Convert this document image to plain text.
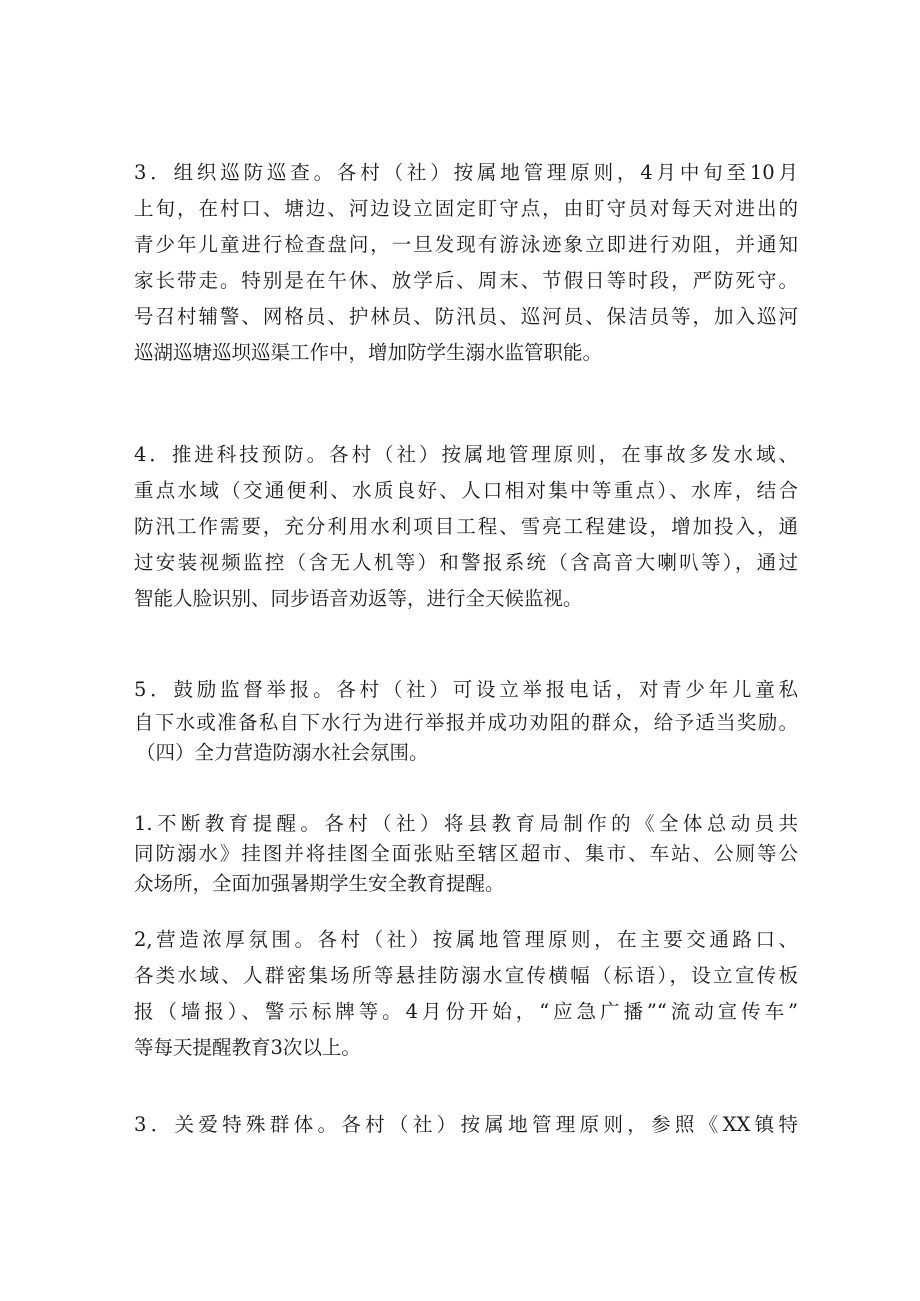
3．组织巡防巡查。各村（社）按属地管理原则，4月中旬至10月
上旬，在村口、塘边、河边设立固定盯守点，由盯守员对每天对进出的
青少年儿童进行检查盘问，一旦发现有游泳迹象立即进行劝阻，并通知
家长带走。特别是在午休、放学后、周末、节假日等时段，严防死守。
号召村辅警、网格员、护林员、防汛员、巡河员、保洁员等，加入巡河
巡湖巡塘巡坝巡渠工作中，增加防学生溺水监管职能。
4．推进科技预防。各村（社）按属地管理原则，在事故多发水域、
重点水域（交通便利、水质良好、人口相对集中等重点）、水库，结合
防汛工作需要，充分利用水利项目工程、雪亮工程建设，增加投入，通
过安装视频监控（含无人机等）和警报系统（含高音大喇叭等），通过
智能人脸识别、同步语音劝返等，进行全天候监视。
5．鼓励监督举报。各村（社）可设立举报电话，对青少年儿童私
自下水或准备私自下水行为进行举报并成功劝阻的群众，给予适当奖励。
（四）全力营造防溺水社会氛围。
1.不断教育提醒。各村（社）将县教育局制作的《全体总动员共
同防溺水》挂图并将挂图全面张贴至辖区超市、集市、车站、公厕等公
众场所，全面加强暑期学生安全教育提醒。
2,营造浓厚氛围。各村（社）按属地管理原则，在主要交通路口、
各类水域、人群密集场所等悬挂防溺水宣传横幅（标语），设立宣传板
报（墙报）、警示标牌等。4月份开始，“应急广播”“流动宣传车”
等每天提醒教育3次以上。
3．关爱特殊群体。各村（社）按属地管理原则，参照《XX镇特
